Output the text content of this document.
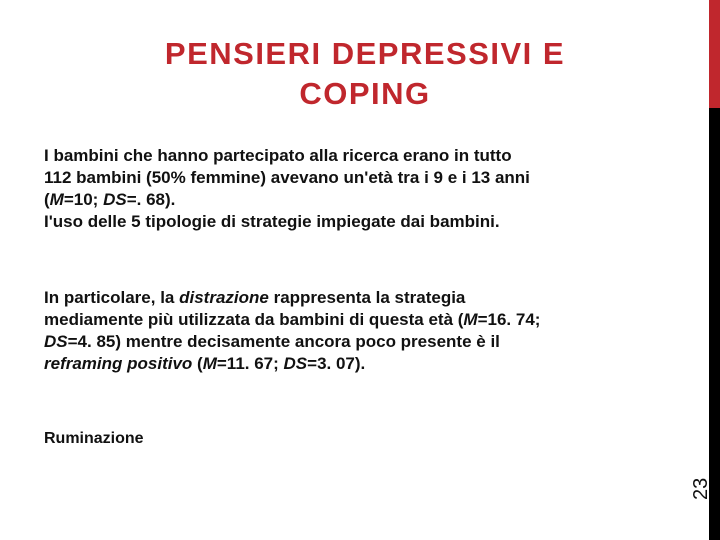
PENSIERI DEPRESSIVI E
COPING
I bambini che hanno partecipato alla ricerca erano in tutto
112 bambini (50% femmine) avevano un'età tra i 9 e i 13 anni
(M=10; DS=. 68).
I'uso delle 5 tipologie di strategie impiegate dai bambini.
In particolare, la distrazione rappresenta la strategia
mediamente più utilizzata da bambini di questa età (M=16. 74;
DS=4. 85) mentre decisamente ancora poco presente è il
reframing positivo (M=11. 67; DS=3. 07).
Ruminazione
23
